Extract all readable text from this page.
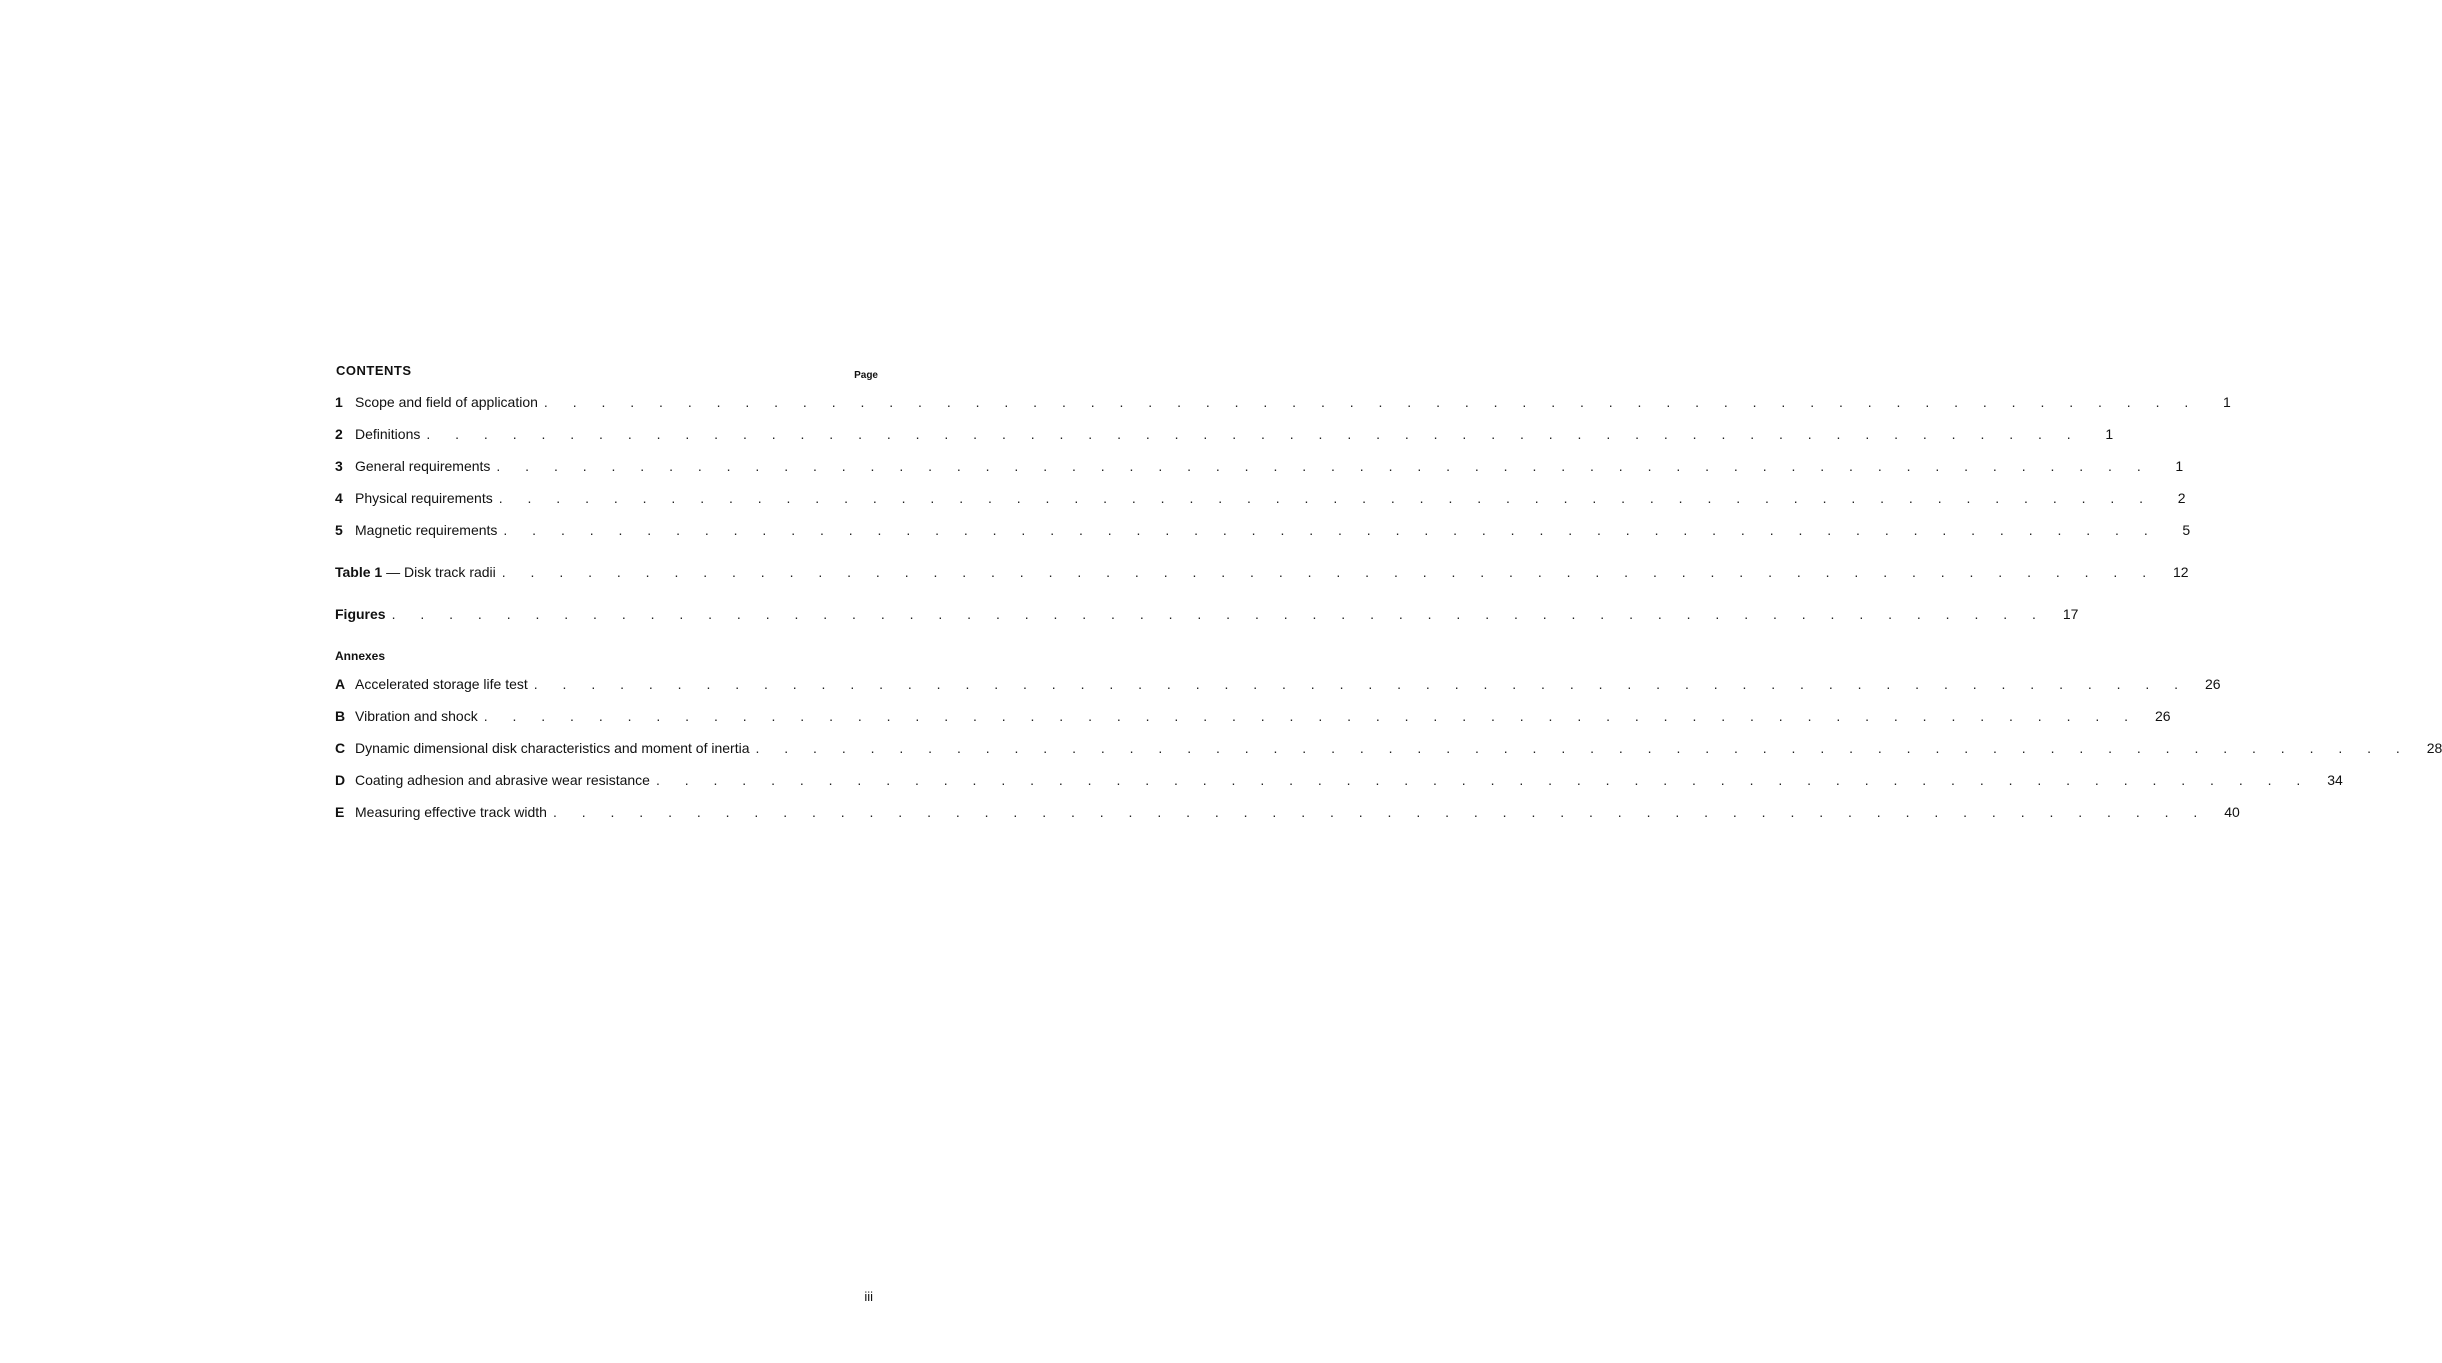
CONTENTS	Page
1 Scope and field of application . . . . . . . . . . . . . . . . . . . . . . . . . . . . . . . . . . . . . . . . . . . . . . . . . . . . . . . . . .	1
2 Definitions . . . . . . . . . . . . . . . . . . . . . . . . . . . . . . . . . . . . . . . . . . . . . . . . . . . . . . . . . .	1
3 General requirements . . . . . . . . . . . . . . . . . . . . . . . . . . . . . . . . . . . . . . . . . . . . . . . . . . . . . . . . . .	1
4 Physical requirements . . . . . . . . . . . . . . . . . . . . . . . . . . . . . . . . . . . . . . . . . . . . . . . . . . . . . . . . . .	2
5 Magnetic requirements . . . . . . . . . . . . . . . . . . . . . . . . . . . . . . . . . . . . . . . . . . . . . . . . . . . . . . . . . .	5
Table 1 — Disk track radii . . . . . . . . . . . . . . . . . . . . . . . . . . . . . . . . . . . . . . . . . . . . . . . . . . . . . . . . . . 12
Figures . . . . . . . . . . . . . . . . . . . . . . . . . . . . . . . . . . . . . . . . . . . . . . . . . . . . . . . . . . 17
Annexes
A Accelerated storage life test . . . . . . . . . . . . . . . . . . . . . . . . . . . . . . . . . . . . . . . . . . . . . . . . . . . . . . . . . . 26
B Vibration and shock . . . . . . . . . . . . . . . . . . . . . . . . . . . . . . . . . . . . . . . . . . . . . . . . . . . . . . . . . . 26
C Dynamic dimensional disk characteristics and moment of inertia . . . . . . . . . . . . . . . . . . . . . . . . . . . . . . . . . . . . . . . . . . . . . . . . . . . . . . . . . . 28
D Coating adhesion and abrasive wear resistance . . . . . . . . . . . . . . . . . . . . . . . . . . . . . . . . . . . . . . . . . . . . . . . . . . . . . . . . . . 34
E Measuring effective track width . . . . . . . . . . . . . . . . . . . . . . . . . . . . . . . . . . . . . . . . . . . . . . . . . . . . . . . . . . 40
iii
